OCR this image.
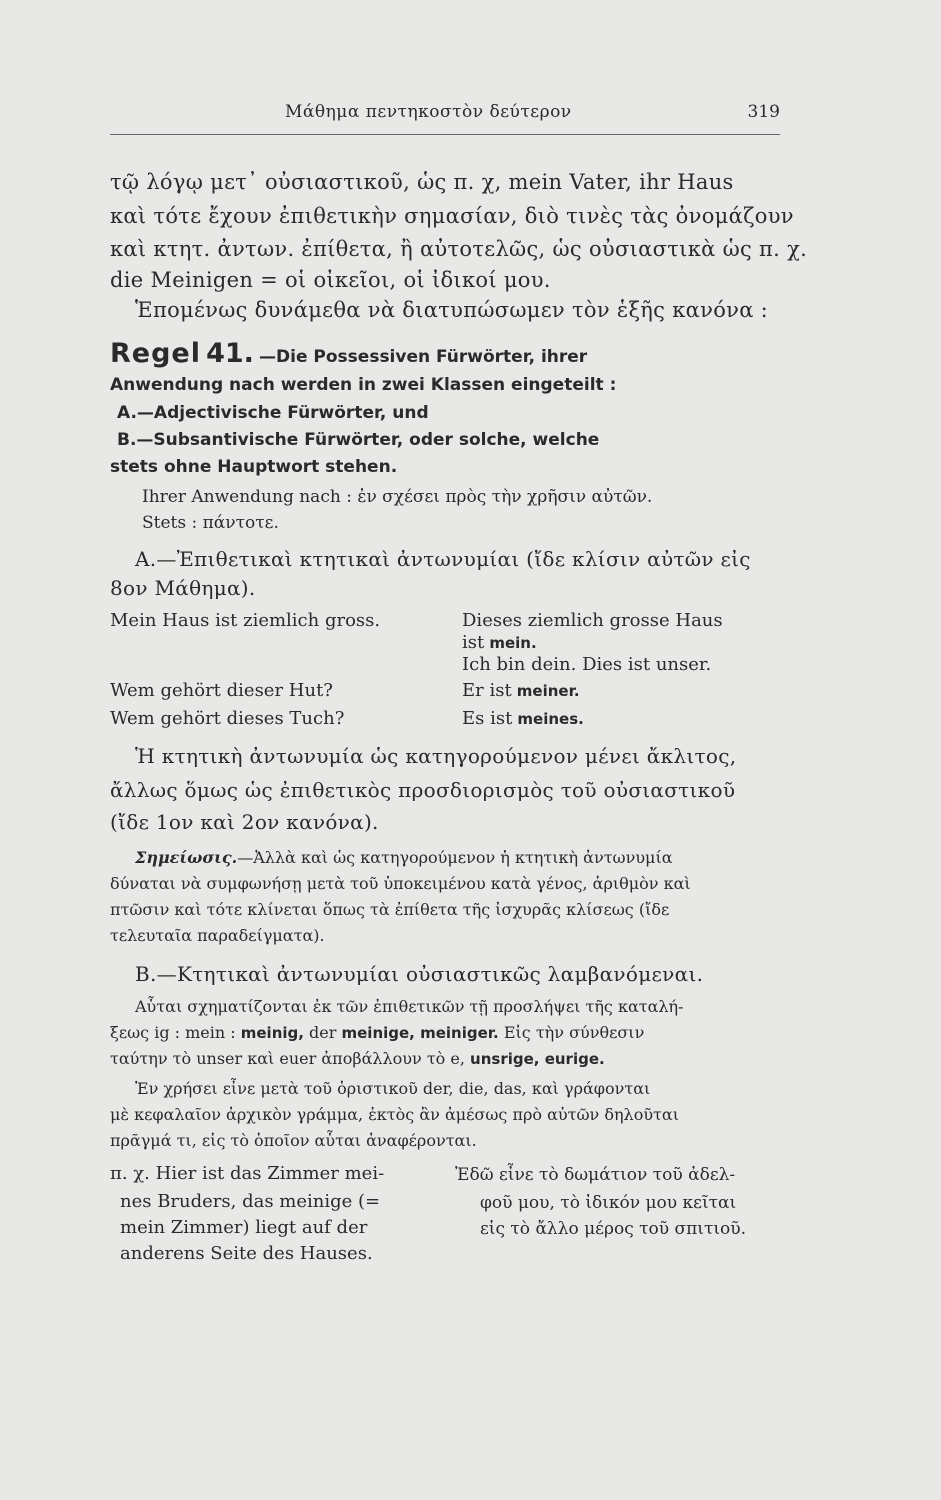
Μάθημα πεντηκοστὸν δεύτερον	319
τῷ λόγῳ μετ᾽ οὐσιαστικοῦ, ὡς π. χ, mein Vater, ihr Haus
καὶ τότε ἔχουν ἐπιθετικὴν σημασίαν, διὸ τινὲς τὰς ὀνομάζουν
καὶ κτητ. ἀντων. ἐπίθετα, ἢ αὐτοτελῶς, ὡς οὐσιαστικὰ ὡς π. χ.
die Meinigen = οἱ οἰκεῖοι, οἱ ἰδικοί μου.
Ἑπομένως δυνάμεθα νὰ διατυπώσωμεν τὸν ἑξῆς κανόνα :
Regel 41. —Die Possessiven Fürwörter, ihrer
Anwendung nach werden in zwei Klassen eingeteilt :
A.—Adjectivische Fürwörter, und
B.—Subsantivische Fürwörter, oder solche, welche
stets ohne Hauptwort stehen.
Ihrer Anwendung nach : ἐν σχέσει πρὸς τὴν χρῆσιν αὐτῶν.
Stets : πάντοτε.
A.—Ἐπιθετικαὶ κτητικαὶ ἀντωνυμίαι (ἴδε κλίσιν αὐτῶν εἰς
8ον Μάθημα).
Mein Haus ist ziemlich gross.
Wem gehört dieser Hut?
Wem gehört dieses Tuch?
Dieses ziemlich grosse Haus
ist mein.
Ich bin dein. Dies ist unser.
Er ist meiner.
Es ist meines.
Ἡ κτητικὴ ἀντωνυμία ὡς κατηγορούμενον μένει ἄκλιτος,
ἄλλως ὅμως ὡς ἐπιθετικὸς προσδιορισμὸς τοῦ οὐσιαστικοῦ
(ἴδε 1ον καὶ 2ον κανόνα).
Σημείωσις.—Ἀλλὰ καὶ ὡς κατηγορούμενον ἡ κτητικὴ ἀντωνυμία
δύναται νὰ συμφωνήσῃ μετὰ τοῦ ὑποκειμένου κατὰ γένος, ἀριθμὸν καὶ
πτῶσιν καὶ τότε κλίνεται ὅπως τὰ ἐπίθετα τῆς ἰσχυρᾶς κλίσεως (ἴδε
τελευταῖα παραδείγματα).
B.—Κτητικαὶ ἀντωνυμίαι οὐσιαστικῶς λαμβανόμεναι.
Αὗται σχηματίζονται ἐκ τῶν ἐπιθετικῶν τῇ προσλήψει τῆς καταλή-
ξεως ig : mein : meinig, der meinige, meiniger. Εἰς τὴν σύνθεσιν
ταύτην τὸ unser καὶ euer ἀποβάλλουν τὸ e, unsrige, eurige.
Ἐν χρήσει εἶνε μετὰ τοῦ ὁριστικοῦ der, die, das, καὶ γράφονται
μὲ κεφαλαῖον ἀρχικὸν γράμμα, ἐκτὸς ἂν ἀμέσως πρὸ αὐτῶν δηλοῦται
πρᾶγμά τι, εἰς τὸ ὁποῖον αὗται ἀναφέρονται.
π. χ. Hier ist das Zimmer mei-
nes Bruders, das meinige (=
mein Zimmer) liegt auf der
anderens Seite des Hauses.
Ἐδῶ εἶνε τὸ δωμάτιον τοῦ ἀδελ-
φοῦ μου, τὸ ἰδικόν μου κεῖται
εἰς τὸ ἄλλο μέρος τοῦ σπιτιοῦ.
